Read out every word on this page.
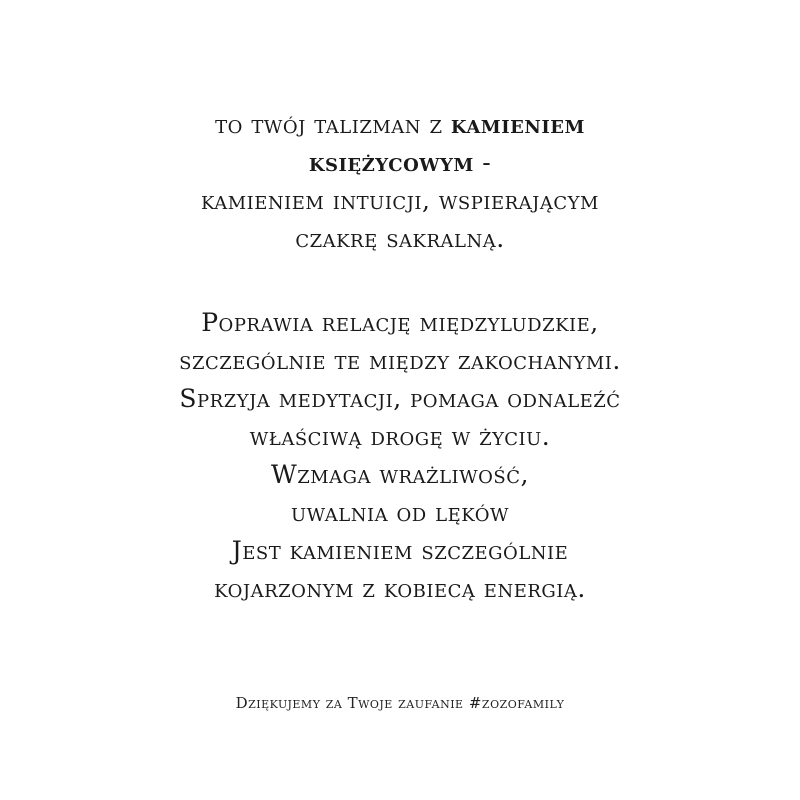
to twój talizman z kamieniem
księżycowym -
kamieniem intuicji, wspierającym
czakrę sakralną.
Poprawia relację międzyludzkie,
szczególnie te między zakochanymi.
Sprzyja medytacji, pomaga odnaleźć
właściwą drogę w życiu.
Wzmaga wrażliwość,
uwalnia od lęków
Jest kamieniem szczególnie
kojarzonym z kobiecą energią.
Dziękujemy za Twoje zaufanie #zozofamily
